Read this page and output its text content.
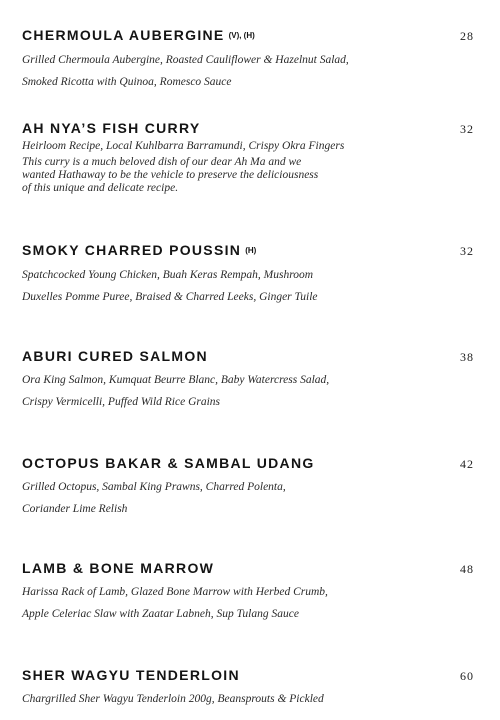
CHERMOULA AUBERGINE (V), (H)	28
Grilled Chermoula Aubergine, Roasted Cauliflower & Hazelnut Salad,
Smoked Ricotta with Quinoa, Romesco Sauce
AH NYA’S FISH CURRY	32
Heirloom Recipe, Local Kuhlbarra Barramundi, Crispy Okra Fingers
This curry is a much beloved dish of our dear Ah Ma and we
wanted Hathaway to be the vehicle to preserve the deliciousness
of this unique and delicate recipe.
SMOKY CHARRED POUSSIN (H)	32
Spatchcocked Young Chicken, Buah Keras Rempah, Mushroom
Duxelles Pomme Puree, Braised & Charred Leeks, Ginger Tuile
ABURI CURED SALMON	38
Ora King Salmon, Kumquat Beurre Blanc, Baby Watercress Salad,
Crispy Vermicelli, Puffed Wild Rice Grains
OCTOPUS BAKAR & SAMBAL UDANG	42
Grilled Octopus, Sambal King Prawns, Charred Polenta,
Coriander Lime Relish
LAMB & BONE MARROW	48
Harissa Rack of Lamb, Glazed Bone Marrow with Herbed Crumb,
Apple Celeriac Slaw with Zaatar Labneh, Sup Tulang Sauce
SHER WAGYU TENDERLOIN	60
Chargrilled Sher Wagyu Tenderloin 200g, Beansprouts & Pickled
